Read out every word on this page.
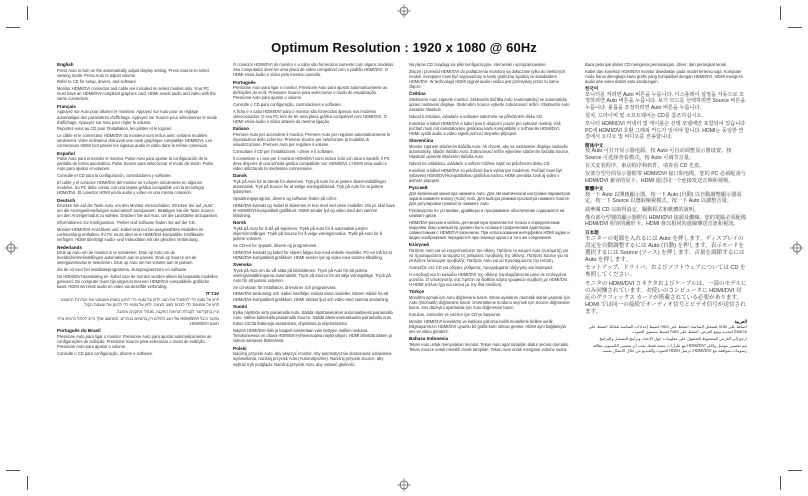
Optimum Resolution : 1920 x 1080 @ 60Hz
English

Press Auto to turn on the automatically adjust display setting. Press Source to select viewing mode. Press Auto to adjust volume.

Refer to CD for setup, drivers, and software.

Monitor HDMI/DVI connector and cable are included on select models only. Your PC must have an HDMI/DVI-compliant graphics card. HDMI sends audio and video with the same connection.

Français

Appuyez sur Auto pour allumer le moniteur. Appuyez sur Auto pour un réglage automatique des paramètres d'affichage. Appuyez sur Source pour sélectionner le mode d'affichage. Appuyez sur Auto pour régler le volume.

Reportez-vous au CD pour l'installation, les pilotes et le logiciel.

Le câble et le connecteur HDMI/DVI du moniteur sont inclus avec certains modèles seulement. Votre ordinateur doit avoir une carte graphique compatible HDMI/DVI. Les connecteurs HDMI font passer les signaux audio et vidéo dans la même connexion.

Español

Pulse Auto para encender el monitor. Pulse Auto para ajustar la configuración de la pantalla de forma automática. Pulse Source para seleccionar el modo de visión. Pulse Auto para ajustar el volumen.

Consulte el CD para la configuración, controladores y software.

El cable y el conector HDMI/DVI del monitor se incluyen únicamente en algunos modelos. Su PC debe contar con una tarjeta gráfica compatible con la tecnología HDMI/DVI. El conector HDMI envía audio y vídeo en una misma conexión.

Deutsch

Drücken Sie auf die Taste Auto, um den Monitor einzuschalten. Drücken Sie auf „Auto“, um die Anzeigeeinstellungen automatisch anzupassen. Betätigen Sie die Taste Source, um den Anzeigemodus zu wählen. Drücken Sie auf Auto, um die Lautstärke anzupassen.

Informationen zur Konfiguration, Treiber und Software finden Sie auf der CD.

Monitor-HDMI/DVI-Anschluss und -Kabel sind nur bei ausgewählten Modellen im Lieferumfang enthalten. Ihr PC muss über eine HDMI/DVI-kompatible Grafikkarte verfügen. HDMI überträgt Audio- und Videodaten mit der gleichen Verbindung.

Nederlands

Druk op Auto om de monitor in te schakelen. Druk op Auto om de beeldschermeinstellingen automatisch aan te passen. Druk op Source om de weergavemodus te selecteren. Druk op Auto om het volume aan te passen.

Zie de cd voor het installatieprogramma, stuurprogramma's en software.

De HDMI/DVI-aansluiting en -kabel voor de monitor worden alleen bij bepaalde modellen geleverd. De computer moet zijn uitgerust met een HDMI/DVI-compatibele grafische kaart. HDMI verzendt audio en video via dezelfde verbinding.

עברית

לחץ על Auto כדי להפעיל את הצג. לחץ על Auto כדי לכוונן באופן אוטומטי את הגדרות התצוגה. לחץ על Source כדי לבחור מצב תצוגה. לחץ על Auto כדי לכוונן את עוצמת הקול.

עיין בתקליטור לקבלת הוראות התקנה, מנהלי התקנים ותוכנה.

מחבר וכבל HDMI/DVI של הצג כלולים רק בדגמים נבחרים. המחשב שלך חייב לכלול כרטיס גרפי תואם HDMI/DVI.

Português do Brasil

Pressione Auto para ligar o monitor. Pressione Auto para ajustar automaticamente as configurações de exibição. Pressione Source para selecionar o modo de exibição. Pressione Auto para ajustar o volume.

Consulte o CD para configuração, drivers e software.

O conector HDMI/DVI do monitor e o cabo são fornecidos somente com alguns modelos. Seu computador deve ter uma placa de vídeo compatível com o padrão HDMI/DVI. O HDMI envia áudio e vídeo pela mesma conexão.

Português

Pressione Auto para ligar o monitor. Pressione Auto para ajustar automaticamente as definições do ecrã. Pressione Source para seleccionar o modo de visualização. Pressione Auto para ajustar o volume.

Consulte o CD para configuração, controladores e software.

A ficha e o cabo HDMI/DVI para o monitor são fornecidos apenas nos modelos seleccionados. O seu PC tem de ter uma placa gráfica compatível com HDMI/DVI. O HDMI envia áudio e vídeo através da mesma ligação.

Italiano

Premere Auto per accendere il monitor. Premere Auto per regolare automaticamente le impostazioni dello schermo. Premere Source per selezionare la modalità di visualizzazione. Premere Auto per regolare il volume.

Consultare il CD per l'installazione, i driver e il software.

Il connettore e i cavi per il monitor HDMI/DVI sono inclusi solo con alcuni modelli. Il PC deve disporre di una scheda grafica compatibile con HDMI/DVI. L'HDMI invia audio e video utilizzando la medesima connessione.

Dansk

Tryk på Auto for at tænde for skærmen. Tryk på Auto for at justere skærmindstillinger automatisk. Tryk på Source for at vælge visningstilstand. Tryk på Auto for at justere lydstyrken.

Opsætningsprogram, drivere og software findes på cd'en.

HDMI/DVI-kontakt og -kabel til skærmen er kun med ved visse modeller. Din pc skal have et HDMI/DVI-kompatibelt grafikkort. HDMI sender lyd og video med den samme tilslutning.

Norsk

Trykk på Auto for å slå på skjermen. Trykk på Auto for å automatisk justere skjerminnstillinger. Trykk på Source for å velge visningsmodus. Trykk på Auto for å justere volumet.

Se CD-en for oppsett, drivere og programvare.

HDMI/DVI-kontakt og kabel for skjerm følger kun med enkelte modeller. PC-en må ha et HDMI/DVI-kompatibelt grafikkort. HDMI sender lyd og video med samme tilkobling.

Svenska

Tryck på Auto om du vill sätta på bildskärmen. Tryck på Auto för att justera visningsinställningarna automatiskt. Tryck på Source för att välja visningsläge. Tryck på Auto för att justera volymen.

Se cd-skivan för installation, drivrutiner och programvara.

HDMI/DVI-anslutning och -kabel medföljer endast vissa modeller. Datorn måste ha ett HDMI/DVI-kompatibelt grafikkort. HDMI skickar ljud och video med samma anslutning.

Suomi

Kytke näyttöön virta painamalla Auto. Säädä näyttöasetukset automaattisesti painamalla Auto. Valitse katselutila painamalla Source. Säädä äänenvoimakkuutta painamalla Auto.

Katso CD:ltä lisätietoja asetuksista, ohjaimista ja ohjelmistoista.

Näytön HDMI/DVI-liitin ja kaapeli toimitetaan vain tiettyjen mallien mukana. Tietokoneessa on oltava HDMI/DVI-yhteensopiva näytönohjain. HDMI lähettää äänen ja videon samassa liitännässä.

Polski

Naciśnij przycisk Auto, aby włączyć monitor. Aby automatycznie dostosować ustawienia wyświetlania, naciśnij przycisk Auto (Automatycznie). Naciśnij przycisk Source, aby wybrać tryb podglądu. Naciśnij przycisk Auto, aby ustawić głośność.

Na płycie CD znajdują się pliki konfiguracyjne, sterowniki i oprogramowanie.

Złącze i przewód HDMI/DVI do podłączenia monitora są dołączane tylko do niektórych modeli. Komputer musi być wyposażony w kartę graficzną zgodną ze standardem HDMI/DVI. W technologii HDMI sygnał audio i wideo jest przesyłany przez to samo złącze.

Čeština

Stisknutím Auto zapnete monitor. Stisknutím tlačítka Auto (Automaticky) se automaticky upraví nastavení displeje. Stisknutím Source vyberte zobrazovací režim. Stisknutím Auto nastavte hlasitost.

Návod k instalaci, ovladače a software naleznete na přiloženém disku CD.

Konektor a kabel HDMI/DVI a kabel jsou k dispozici pouze pro vybrané modely. Váš počítač musí mít nainstalovánu grafickou kartu kompatibilní s rozhraním HDMI/DVI. HDMI vysílá audio a video signál pomocí stejného připojení.

Slovenčina

Monitor zapnete stlačením tlačidla Auto. Ak chcete, aby sa nastavenie displeja nastavilo automaticky, stlačte tlačidlo Auto. Zobrazovací režim vyberiete stlačením tlačidla Source. Hlasitosť upravíte stlačením tlačidla Auto.

Návod na inštaláciu, ovládače a softvér môžete nájsť na priloženom disku CD.

Konektor a kábel HDMI/DVI sú priložené iba k vybraným modelom. Počítač musí byť vybavený HDMI/DVI-kompatibilnou grafickou kartou. HDMI prenáša zvuk aj video v jednom pripojení.

Русский

Для включения монитора нажмите Auto. Для автоматической настройки параметров экрана нажмите кнопку (Auto) Auto. Для выбора режима просмотра нажмите Source. Для регулировки громкости нажмите Auto.

Руководство по установке, драйверы и программное обеспечение содержатся на компакт-диске.

HDMI/DVI-разъем и кабель для монитора прилагаются только к определенным моделям. Ваш компьютер должен быть оснащен графическим адаптером, совместимым с HDMI/DVI-разъемом. При использовании интерфейса HDMI аудио и видео изображение передаются при помощи одного и того же соединения.

Ελληνικά

Πατήστε Auto για να ενεργοποιήσετε την οθόνη. Πατήστε το κουμπί Auto (Αυτόματη) για να προσαρμόσετε αυτόματα τις ρυθμίσεις προβολής της οθόνης. Πατήστε Source για να επιλέξετε λειτουργία προβολής. Πατήστε Auto για να προσαρμόσετε την ένταση.

Ανατρέξτε στο CD για οδηγίες ρύθμισης, προγράμματα οδήγησης και λογισμικό.

Η υποδοχή και το καλώδιο HDMI/DVI της οθόνης περιλαμβάνονται μόνο σε επιλεγμένα μοντέλα. Ο υπολογιστής σας πρέπει να διαθέτει κάρτα γραφικών συμβατή με HDMI/DVI. Η HDMI στέλνει ήχο και εικόνα με την ίδια σύνδεση.

Türkçe

Monitörü açmak için Auto düğmesine basın. Ekran ayarlarını otomatik olarak yapmak için Auto (Otomatik) düğmesine basın. Görüntüleme modunu seçmek için Source düğmesine basın. Ses düzeyini ayarlamak için Auto düğmesine basın.

Kurulum, sürücüler ve yazılım için CD'ye başvurun.

Monitör HDMI/DVI konektörü ve kablosu yalnızca belirli modellerle birlikte verilir. Bilgisayarınızın HDMI/DVI uyumlu bir grafik kartı olması gerekir. HDMI aynı bağlantıyla ses ve video gönderir.

Bahasa Indonesia

Tekan Auto untuk menyalakan monitor. Tekan Auto agar tampilan diatur secara otomatis. Tekan Source untuk memilih mode tampilan. Tekan Auto untuk mengatur volume suara.

Baca petunjuk dalam CD mengenai pemasangan, driver, dan perangkat lunak.

Kabel dan konektor HDMI/DVI monitor disediakan pada model tertentu saja. Komputer Anda harus dilengkapi kartu grafis yang kompatibel dengan HDMI/DVI. HDMI mengirim audio dan video dalam satu sambungan.

한국어

모니터를 켜려면 Auto 버튼을 누릅니다. 디스플레이 설정을 자동으로 조정하려면 Auto 버튼을 누릅니다. 보기 모드를 선택하려면 Source 버튼을 누릅니다. 볼륨을 조정하려면 Auto 버튼을 누릅니다.

설치, 드라이버 및 소프트웨어는 CD를 참조하십시오.

모니터 HDMI/DVI 커넥터 및 케이블은 선택 모델에만 포함되어 있습니다. PC에 HDMI/DVI 호환 그래픽 카드가 있어야 합니다. HDMI는 동일한 연결에서 오디오 및 비디오를 전송합니다.

简体中文

按 Auto 可打开显示器电源。按 Auto 可自动调整显示器设置。按 Source 可选择查看模式。按 Auto 可调节音量。

有关安装程序、驱动程序和软件，请查看 CD 光盘。

仅部分型号的显示器附带 HDMI/DVI 接口和电缆。您的 PC 必须配备与 HDMI/DVI 兼容的显卡。HDMI 通过同一个连接发送音频和视频。

繁體中文

按一下 Auto 以開啟顯示器。按一下 Auto (自動) 以自動調整顯示器設定。按一下 Source 以選取檢視模式。按一下 Auto 以調整音量。

請參閱 CD 以取得設定、驅動程式和軟體的說明。

僅有部分型號的顯示器附有 HDMI/DVI 接頭及纜線。您的電腦必須配備 HDMI/DVI 相容的圖形卡。HDMI 會以相同的連線傳送音訊和視訊。

日本語

モニターの電源を入れるには Auto を押します。ディスプレイの設定を自動調整するには Auto (自動) を押します。表示モードを選択するには Source (ソース) を押します。音量を調節するには Auto を押します。

セットアップ、ドライバ、およびソフトウェアについては CD を参照してください。

モニタの HDMI/DVI コネクタおよびケーブルは、一部のモデルにのみ同梱されています。お使いのコンピュータに HDMI/DVI 対応のグラフィックス カードが搭載されている必要があります。HDMI では同一の接続でオーディオ信号とビデオ信号が送信されます。

العربية

اضغط على Auto لتشغيل الشاشة. اضغط على Auto لضبط إعدادات الشاشة تلقائيًا. اضغط على Source لتحديد وضع العرض. اضغط على Auto لضبط مستوى الصوت.

ارجع إلى القرص المضغوط للحصول على معلومات حول الإعداد وبرامج التشغيل والبرامج.

يتم تضمين موصل وكابل HDMI/DVI مع طرازات معينة فقط. يجب أن يتضمن الكمبيوتر بطاقة رسومات متوافقة مع HDMI/DVI. ترسل HDMI الصوت والفيديو من خلال الاتصال نفسه.
